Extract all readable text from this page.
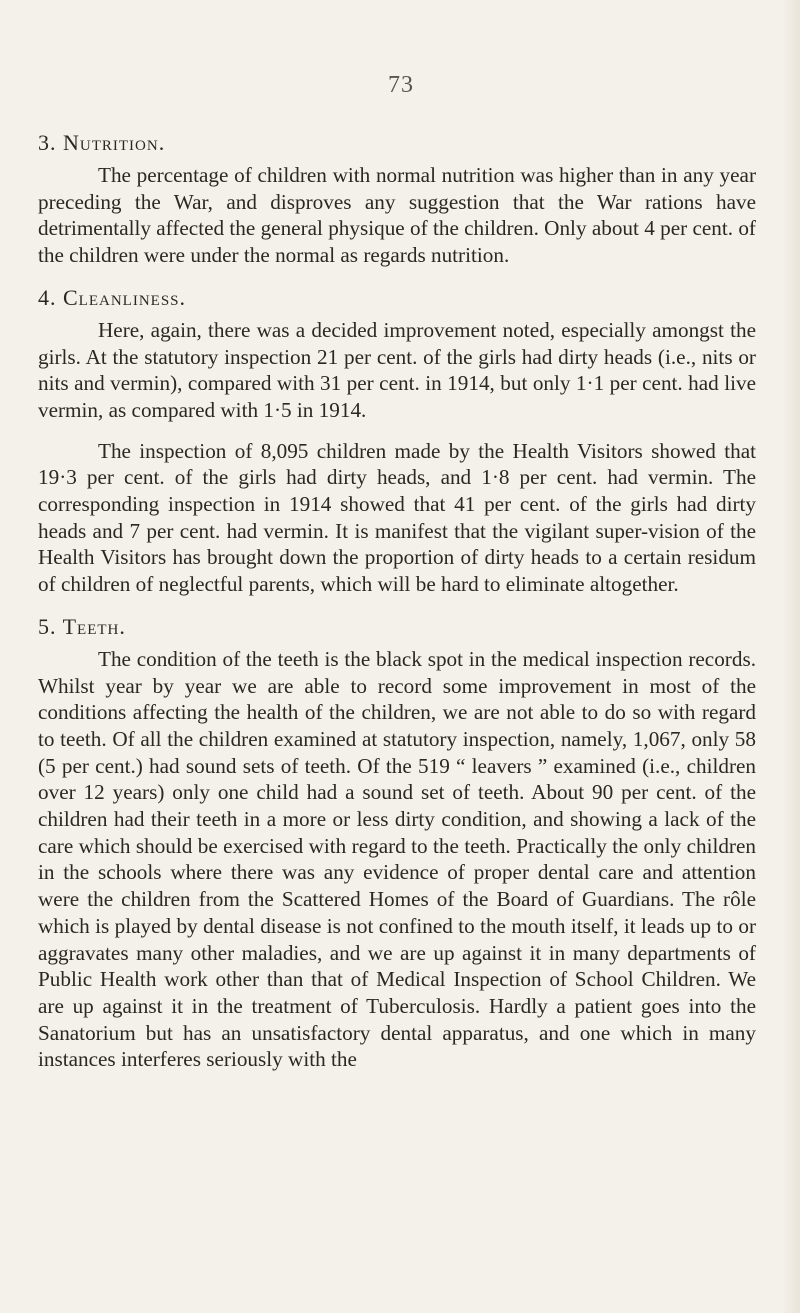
73
3. Nutrition.

The percentage of children with normal nutrition was higher than in any year preceding the War, and disproves any suggestion that the War rations have detrimentally affected the general physique of the children. Only about 4 per cent. of the children were under the normal as regards nutrition.

4. Cleanliness.

Here, again, there was a decided improvement noted, especially amongst the girls. At the statutory inspection 21 per cent. of the girls had dirty heads (i.e., nits or nits and vermin), compared with 31 per cent. in 1914, but only 1·1 per cent. had live vermin, as compared with 1·5 in 1914.

The inspection of 8,095 children made by the Health Visitors showed that 19·3 per cent. of the girls had dirty heads, and 1·8 per cent. had vermin. The corresponding inspection in 1914 showed that 41 per cent. of the girls had dirty heads and 7 per cent. had vermin. It is manifest that the vigilant super-vision of the Health Visitors has brought down the proportion of dirty heads to a certain residum of children of neglectful parents, which will be hard to eliminate altogether.

5. Teeth.

The condition of the teeth is the black spot in the medical inspection records. Whilst year by year we are able to record some improvement in most of the conditions affecting the health of the children, we are not able to do so with regard to teeth. Of all the children examined at statutory inspection, namely, 1,067, only 58 (5 per cent.) had sound sets of teeth. Of the 519 “ leavers ” examined (i.e., children over 12 years) only one child had a sound set of teeth. About 90 per cent. of the children had their teeth in a more or less dirty condition, and showing a lack of the care which should be exercised with regard to the teeth. Practically the only children in the schools where there was any evidence of proper dental care and attention were the children from the Scattered Homes of the Board of Guardians. The rôle which is played by dental disease is not confined to the mouth itself, it leads up to or aggravates many other maladies, and we are up against it in many departments of Public Health work other than that of Medical Inspection of School Children. We are up against it in the treatment of Tuberculosis. Hardly a patient goes into the Sanatorium but has an unsatisfactory dental apparatus, and one which in many instances interferes seriously with the
